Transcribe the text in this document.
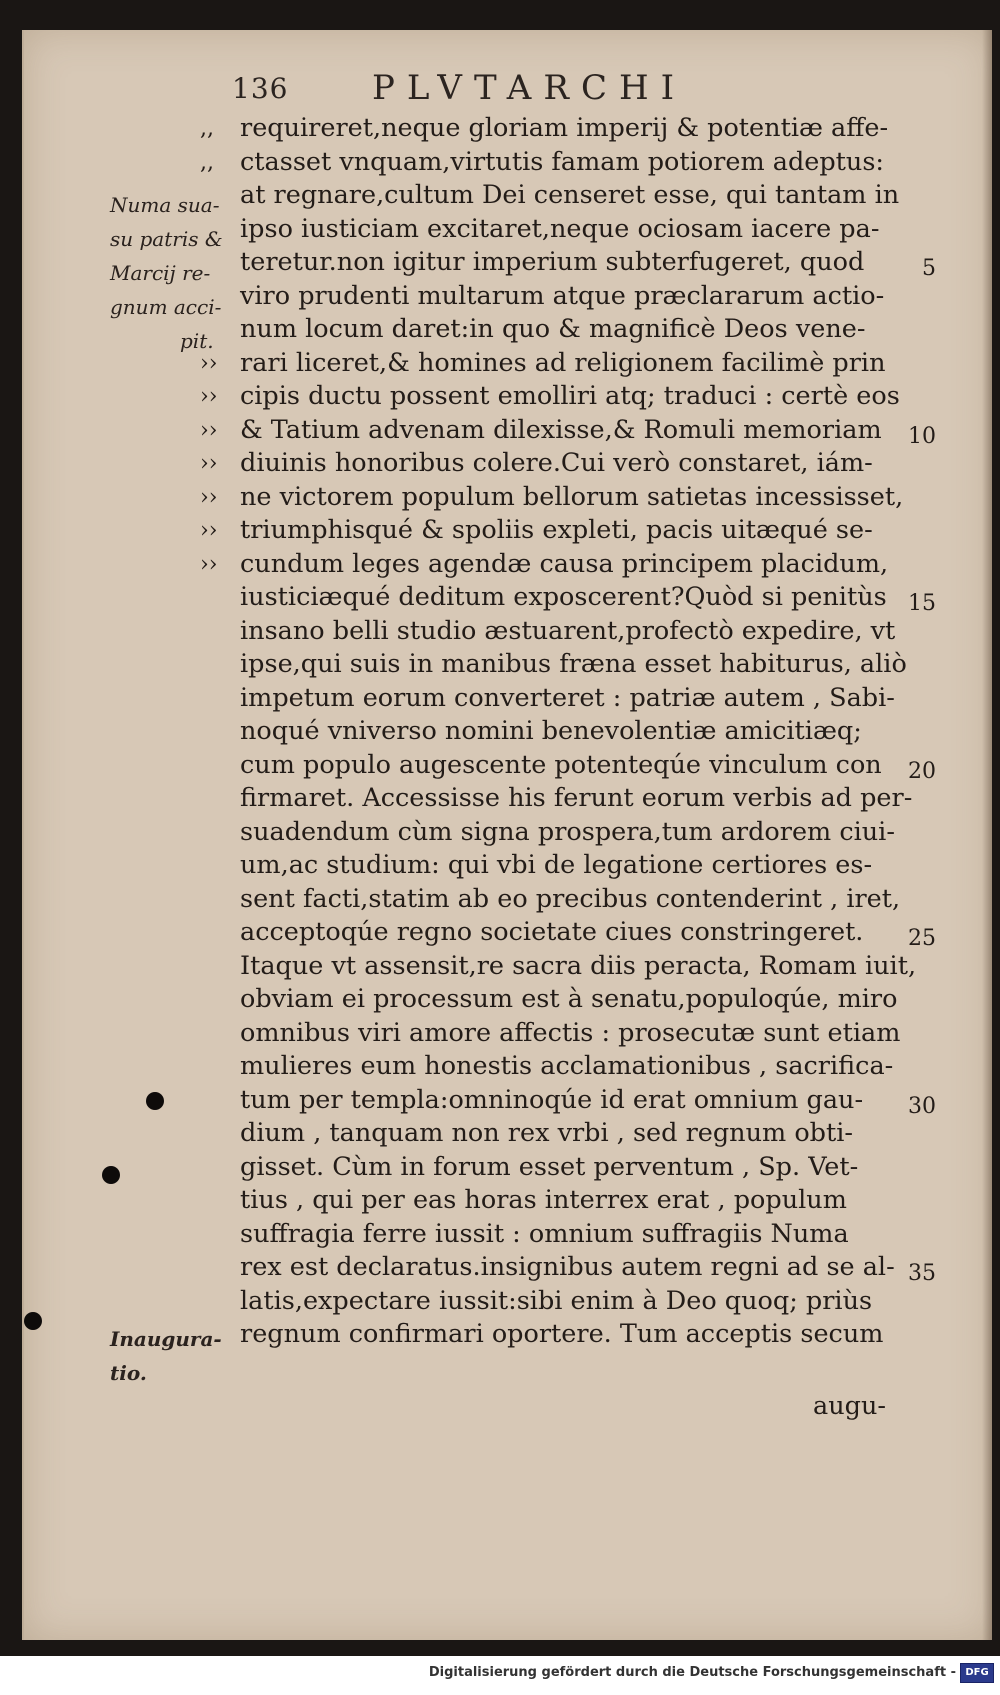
136 PLVTARCHI
Numa sua-
su patris &
Marcij re-
gnum acci-
pit.
Inaugura-
tio.
,, requireret,neque gloriam imperij & potentiæ affe-
,, ctasset vnquam,virtutis famam potiorem adeptus:
at regnare,cultum Dei censeret esse, qui tantam in
ipso iusticiam excitaret,neque ociosam iacere pa-
teretur.non igitur imperium subterfugeret, quod	5
viro prudenti multarum atque præclararum actio-
num locum daret:in quo & magnificè Deos vene-
›› rari liceret,& homines ad religionem facilimè prin
›› cipis ductu possent emolliri atq; traduci : certè eos
›› & Tatium advenam dilexisse,& Romuli memoriam 10
›› diuinis honoribus colere.Cui verò constaret, iám-
›› ne victorem populum bellorum satietas incessisset,
›› triumphisqué & spoliis expleti, pacis uitæqué se-
›› cundum leges agendæ causa principem placidum,
iusticiæqué deditum exposcerent?Quòd si penitùs 15
insano belli studio æstuarent,profectò expedire, vt
ipse,qui suis in manibus fræna esset habiturus, aliò
impetum eorum converteret : patriæ autem , Sabi-
noqué vniverso nomini benevolentiæ amicitiæq;
cum populo augescente potenteqúe vinculum con 20
firmaret. Accessisse his ferunt eorum verbis ad per-
suadendum cùm signa prospera,tum ardorem ciui-
um,ac studium: qui vbi de legatione certiores es-
sent facti,statim ab eo precibus contenderint , iret,
acceptoqúe regno societate ciues constringeret. 25
Itaque vt assensit,re sacra diis peracta, Romam iuit,
obviam ei processum est à senatu,populoqúe, miro
omnibus viri amore affectis : prosecutæ sunt etiam
mulieres eum honestis acclamationibus , sacrifica-
tum per templa:omninoqúe id erat omnium gau- 30
dium , tanquam non rex vrbi , sed regnum obti-
gisset. Cùm in forum esset perventum , Sp. Vet-
tius , qui per eas horas interrex erat , populum
suffragia ferre iussit : omnium suffragiis Numa
rex est declaratus.insignibus autem regni ad se al- 35
latis,expectare iussit:sibi enim à Deo quoq; priùs
regnum confirmari oportere. Tum acceptis secum
augu-
Digitalisierung gefördert durch die Deutsche Forschungsgemeinschaft - DFG
